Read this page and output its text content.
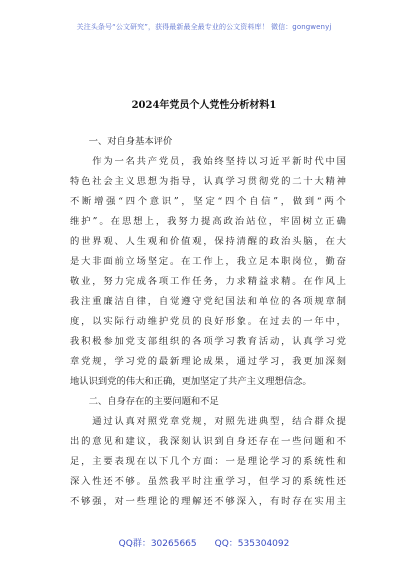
关注头条号“公文研究”，获得最新最全最专业的公文资料库！ 微信：gongwenyj
2024年党员个人党性分析材料1
　　一、对自身基本评价

作 为 一 名 共 产 党 员 ， 我 始 终 坚 持 以 习 近 平 新 时 代 中 国
特 色 社 会 主 义 思 想 为 指 导 ， 认 真 学 习 贯 彻 党 的 二 十 大 精 神
不 断 增 强 “ 四 个 意 识 ” ， 坚 定 “ 四 个 自 信 ” ， 做 到 “ 两 个
维 护 ” 。 在 思 想 上 ， 我 努 力 提 高 政 治 站 位 ， 牢 固 树 立 正 确
的 世 界 观 、 人 生 观 和 价 值 观 ， 保 持 清 醒 的 政 治 头 脑 ， 在 大
是 大 非 面 前 立 场 坚 定 。 在 工 作 上 ， 我 立 足 本 职 岗 位 ， 勤 奋
敬 业 ， 努 力 完 成 各 项 工 作 任 务 ， 力 求 精 益 求 精 。 在 作 风 上
我 注 重 廉 洁 自 律 ， 自 觉 遵 守 党 纪 国 法 和 单 位 的 各 项 规 章 制
度 ， 以 实 际 行 动 维 护 党 员 的 良 好 形 象 。 在 过 去 的 一 年 中 ，
我 积 极 参 加 党 支 部 组 织 的 各 项 学 习 教 育 活 动 ， 认 真 学 习 党
章 党 规 ， 学 习 党 的 最 新 理 论 成 果 ， 通 过 学 习 ， 我 更 加 深 刻
地认识到党的伟大和正确，更加坚定了共产主义理想信念。
　　二、自身存在的主要问题和不足

通 过 认 真 对 照 党 章 党 规 ， 对 照 先 进 典 型 ， 结 合 群 众 提
出 的 意 见 和 建 议 ， 我 深 刻 认 识 到 自 身 还 存 在 一 些 问 题 和 不
足 ， 主 要 表 现 在 以 下 几 个 方 面 ： 一 是 理 论 学 习 的 系 统 性 和
深 入 性 还 不 够 。 虽 然 我 平 时 注 重 学 习 ， 但 学 习 的 系 统 性 还
不 够 强 ， 对 一 些 理 论 的 理 解 还 不 够 深 入 ， 有 时 存 在 实 用 主
QQ群：30265665 QQ：535304092
